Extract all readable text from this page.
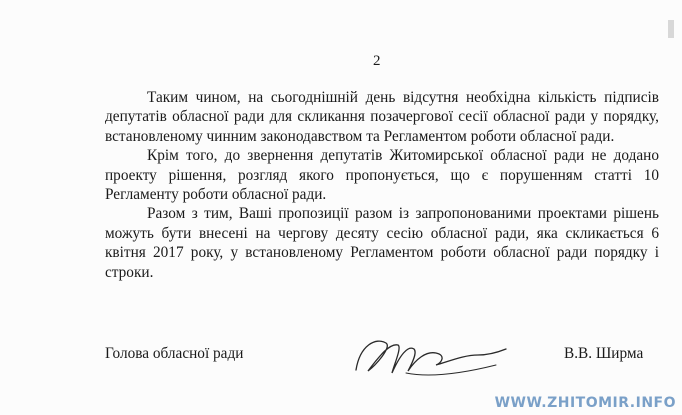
2

Таким чином, на сьогоднішній день відсутня необхідна кількість підписів депутатів обласної ради для скликання позачергової сесії обласної ради у порядку, встановленому чинним законодавством та Регламентом роботи обласної ради.

Крім того, до звернення депутатів Житомирської обласної ради не додано проекту рішення, розгляд якого пропонується, що є порушенням статті 10 Регламенту роботи обласної ради.

Разом з тим, Ваші пропозиції разом із запропонованими проектами рішень можуть бути внесені на чергову десяту сесію обласної ради, яка скликається 6 квітня 2017 року, у встановленому Регламентом роботи обласної ради порядку і строки.

Голова обласної ради	В.В. Ширма
WWW.ZHITOMIR.INFO
